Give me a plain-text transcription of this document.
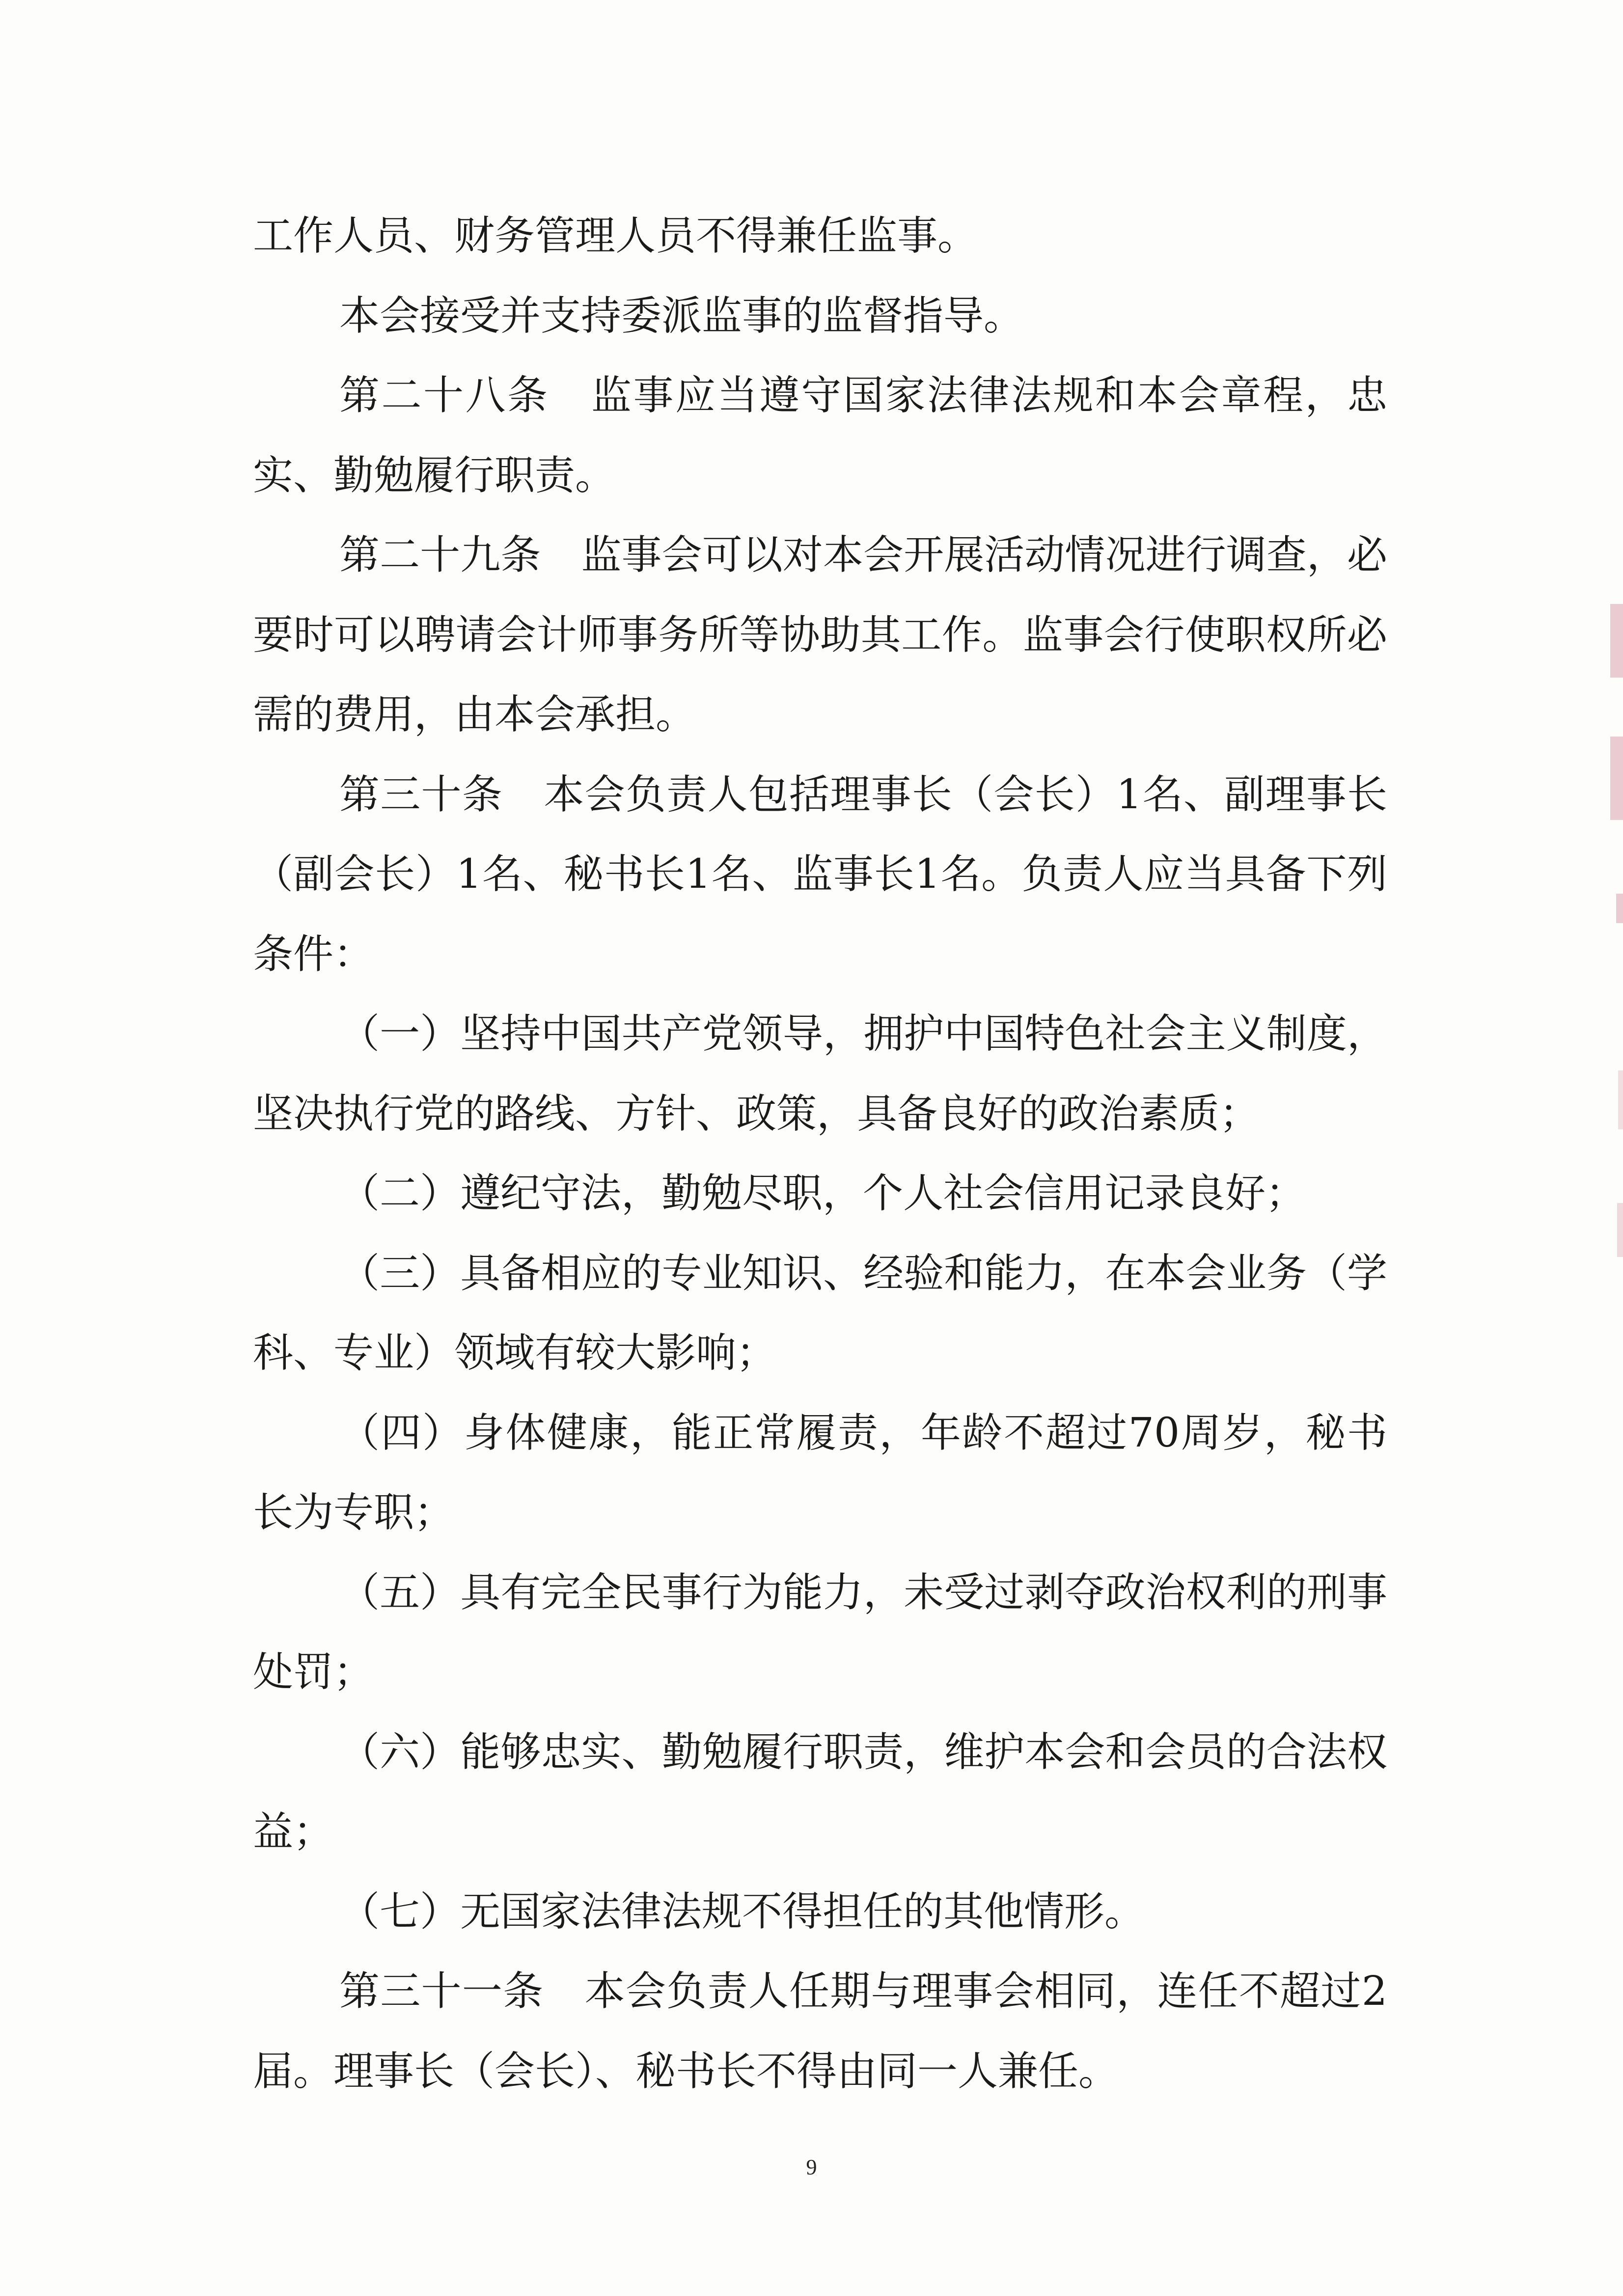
工作人员、财务管理人员不得兼任监事。

本会接受并支持委派监事的监督指导。

第二十八条　监事应当遵守国家法律法规和本会章程，忠实、勤勉履行职责。

第二十九条　监事会可以对本会开展活动情况进行调查，必要时可以聘请会计师事务所等协助其工作。监事会行使职权所必需的费用，由本会承担。

第三十条　本会负责人包括理事长（会长）1名、副理事长（副会长）1名、秘书长1名、监事长1名。负责人应当具备下列条件：

（一）坚持中国共产党领导，拥护中国特色社会主义制度，坚决执行党的路线、方针、政策，具备良好的政治素质；

（二）遵纪守法，勤勉尽职，个人社会信用记录良好；

（三）具备相应的专业知识、经验和能力，在本会业务（学科、专业）领域有较大影响；

（四）身体健康，能正常履责，年龄不超过70周岁，秘书长为专职；

（五）具有完全民事行为能力，未受过剥夺政治权利的刑事处罚；

（六）能够忠实、勤勉履行职责，维护本会和会员的合法权益；

（七）无国家法律法规不得担任的其他情形。

第三十一条　本会负责人任期与理事会相同，连任不超过2届。理事长（会长）、秘书长不得由同一人兼任。

9
